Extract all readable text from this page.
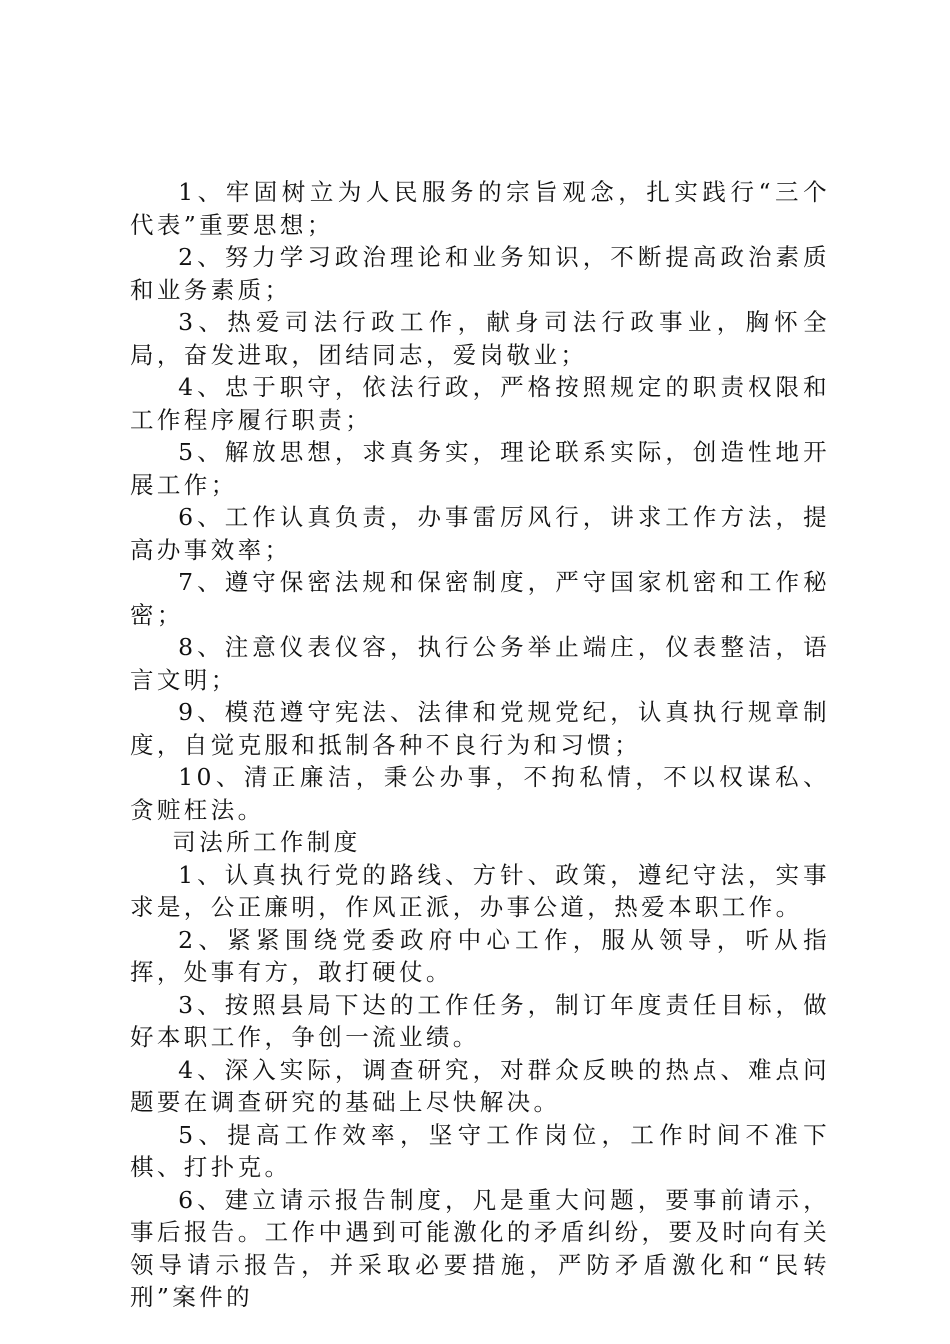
1、牢固树立为人民服务的宗旨观念，扎实践行“三个代表”重要思想；

2、努力学习政治理论和业务知识，不断提高政治素质和业务素质；

3、热爱司法行政工作，献身司法行政事业，胸怀全局，奋发进取，团结同志，爱岗敬业；

4、忠于职守，依法行政，严格按照规定的职责权限和工作程序履行职责；

5、解放思想，求真务实，理论联系实际，创造性地开展工作；

6、工作认真负责，办事雷厉风行，讲求工作方法，提高办事效率；

7、遵守保密法规和保密制度，严守国家机密和工作秘密；

8、注意仪表仪容，执行公务举止端庄，仪表整洁，语言文明；

9、模范遵守宪法、法律和党规党纪，认真执行规章制度，自觉克服和抵制各种不良行为和习惯；

10、清正廉洁，秉公办事，不拘私情，不以权谋私、贪赃枉法。

司法所工作制度

1、认真执行党的路线、方针、政策，遵纪守法，实事求是，公正廉明，作风正派，办事公道，热爱本职工作。

2、紧紧围绕党委政府中心工作，服从领导，听从指挥，处事有方，敢打硬仗。

3、按照县局下达的工作任务，制订年度责任目标，做好本职工作，争创一流业绩。

4、深入实际，调查研究，对群众反映的热点、难点问题要在调查研究的基础上尽快解决。

5、提高工作效率，坚守工作岗位，工作时间不准下棋、打扑克。

6、建立请示报告制度，凡是重大问题，要事前请示，事后报告。工作中遇到可能激化的矛盾纠纷，要及时向有关领导请示报告，并采取必要措施，严防矛盾激化和“民转刑”案件的
